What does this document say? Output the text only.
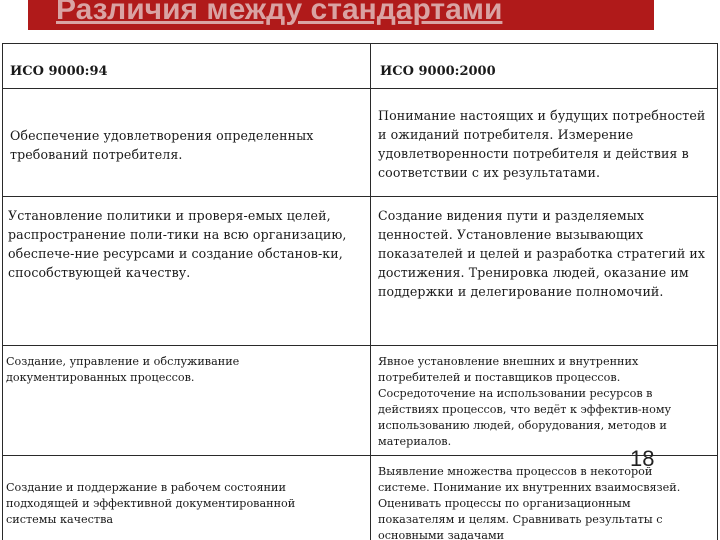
Различия между стандартами
ИСО 9000:94	ИСО 9000:2000
Обеспечение удовлетворения определенных требований потребителя.
Понимание настоящих и будущих потребностей и ожиданий потребителя. Измерение удовлетворенности потребителя и действия в соответствии с их результатами.
Установление политики и проверя-емых целей, распространение поли-тики на всю организацию, обеспече-ние ресурсами и создание обстанов-ки, способствующей качеству.
Создание видения пути и разделяемых ценностей. Установление вызывающих показателей и целей и разработка стратегий их достижения. Тренировка людей, оказание им поддержки и делегирование полномочий.
Создание, управление и обслуживание документированных процессов.
Явное установление внешних и внутренних потребителей и поставщиков процессов. Сосредоточение на использовании ресурсов в действиях процессов, что ведёт к эффектив-ному использованию людей, оборудования, методов и материалов.
Создание и поддержание в рабочем состоянии подходящей и эффективной документированной системы качества
Выявление множества процессов в некоторой системе. Понимание их внутренних взаимосвязей. Оценивать процессы по организационным показателям и целям. Сравнивать результаты с основными задачами
18
